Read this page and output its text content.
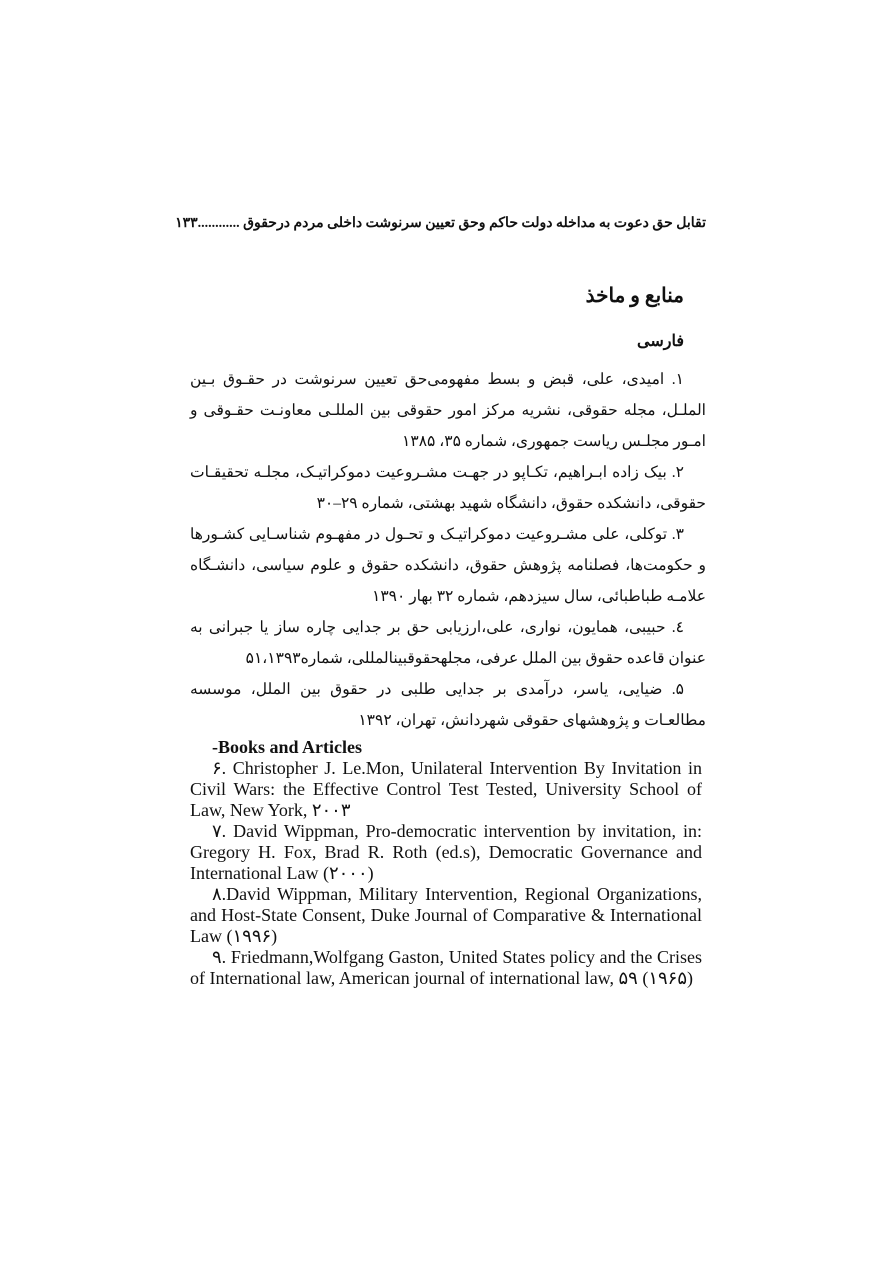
تقابل حق دعوت به مداخله دولت حاکم وحق تعیین سرنوشت داخلی مردم درحقوق ............۱۳۳
منابع و ماخذ
فارسی

۱. امیدی، علی، قبض و بسط مفهومی‌حق تعیین سرنوشت در حقـوق بـین الملـل، مجله حقوقی، نشریه مرکز امور حقوقی بین المللـی معاونـت حقـوقی و امـور مجلـس ریاست جمهوری، شماره ۳۵، ۱۳۸۵

۲. بیک زاده ابـراهیم، تکـاپو در جهـت مشـروعیت دموکراتیـک، مجلـه تحقیقـات حقوقی، دانشکده حقوق، دانشگاه شهید بهشتی، شماره ۲۹–۳۰

۳. توکلی، علی مشـروعیت دموکراتیـک و تحـول در مفهـوم شناسـایی کشـورها و حکومت‌ها، فصلنامه پژوهش حقوق، دانشکده حقوق و علوم سیاسی، دانشـگاه علامـه طباطبائی، سال سیزدهم، شماره ۳۲ بهار ۱۳۹۰

٤. حبیبی، همایون، نواری، علی،ارزیابی حق بر جدایی چاره ساز یا جبرانی به عنوان قاعده حقوق بین الملل عرفی، مجلهحقوقبینالمللی، شماره۵۱،۱۳۹۳

۵. ضیایی، یاسر، درآمدی بر جدایی طلبی در حقوق بین الملل، موسسه مطالعـات و پژوهشهای حقوقی شهردانش، تهران، ۱۳۹۲

-Books and Articles

۶. Christopher J. Le.Mon, Unilateral Intervention By Invitation in Civil Wars: the Effective Control Test Tested, University School of Law, New York, ۲۰۰۳

۷. David Wippman, Pro-democratic intervention by invitation, in: Gregory H. Fox, Brad R. Roth (ed.s), Democratic Governance and International Law (۲۰۰۰)

۸.David Wippman, Military Intervention, Regional Organizations, and Host-State Consent, Duke Journal of Comparative & International Law (۱۹۹۶)

۹. Friedmann,Wolfgang Gaston, United States policy and the Crises of International law, American journal of international law, ۵۹ (۱۹۶۵)
